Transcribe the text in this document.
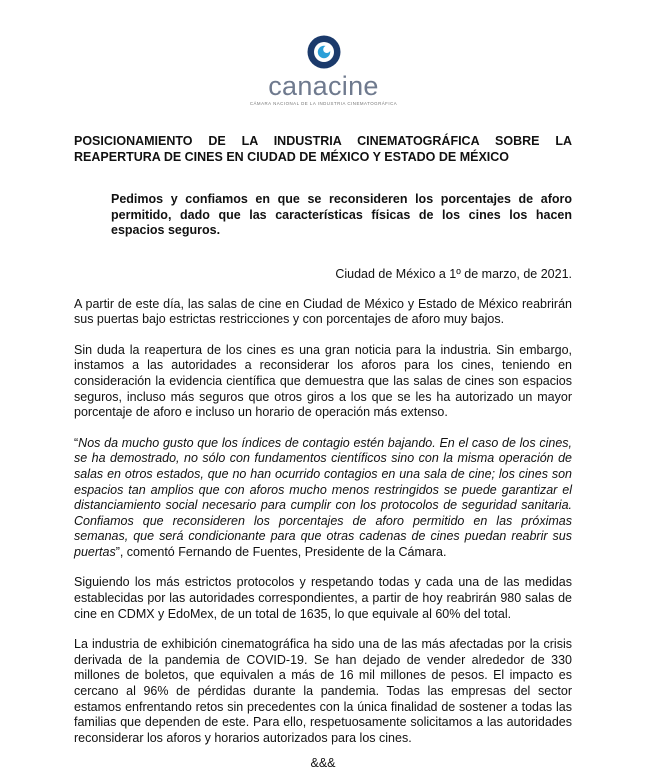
canacine
CÁMARA NACIONAL DE LA INDUSTRIA CINEMATOGRÁFICA
POSICIONAMIENTO DE LA INDUSTRIA CINEMATOGRÁFICA SOBRE LA REAPERTURA DE CINES EN CIUDAD DE MÉXICO Y ESTADO DE MÉXICO
Pedimos y confiamos en que se reconsideren los porcentajes de aforo permitido, dado que las características físicas de los cines los hacen espacios seguros.
Ciudad de México a 1º de marzo, de 2021.

A partir de este día, las salas de cine en Ciudad de México y Estado de México reabrirán sus puertas bajo estrictas restricciones y con porcentajes de aforo muy bajos.

Sin duda la reapertura de los cines es una gran noticia para la industria. Sin embargo, instamos a las autoridades a reconsiderar los aforos para los cines, teniendo en consideración la evidencia científica que demuestra que las salas de cines son espacios seguros, incluso más seguros que otros giros a los que se les ha autorizado un mayor porcentaje de aforo e incluso un horario de operación más extenso.

“Nos da mucho gusto que los índices de contagio estén bajando. En el caso de los cines, se ha demostrado, no sólo con fundamentos científicos sino con la misma operación de salas en otros estados, que no han ocurrido contagios en una sala de cine; los cines son espacios tan amplios que con aforos mucho menos restringidos se puede garantizar el distanciamiento social necesario para cumplir con los protocolos de seguridad sanitaria. Confiamos que reconsideren los porcentajes de aforo permitido en las próximas semanas, que será condicionante para que otras cadenas de cines puedan reabrir sus puertas”, comentó Fernando de Fuentes, Presidente de la Cámara.

Siguiendo los más estrictos protocolos y respetando todas y cada una de las medidas establecidas por las autoridades correspondientes, a partir de hoy reabrirán 980 salas de cine en CDMX y EdoMex, de un total de 1635, lo que equivale al 60% del total.

La industria de exhibición cinematográfica ha sido una de las más afectadas por la crisis derivada de la pandemia de COVID-19. Se han dejado de vender alrededor de 330 millones de boletos, que equivalen a más de 16 mil millones de pesos. El impacto es cercano al 96% de pérdidas durante la pandemia. Todas las empresas del sector estamos enfrentando retos sin precedentes con la única finalidad de sostener a todas las familias que dependen de este. Para ello, respetuosamente solicitamos a las autoridades reconsiderar los aforos y horarios autorizados para los cines.

&&&
